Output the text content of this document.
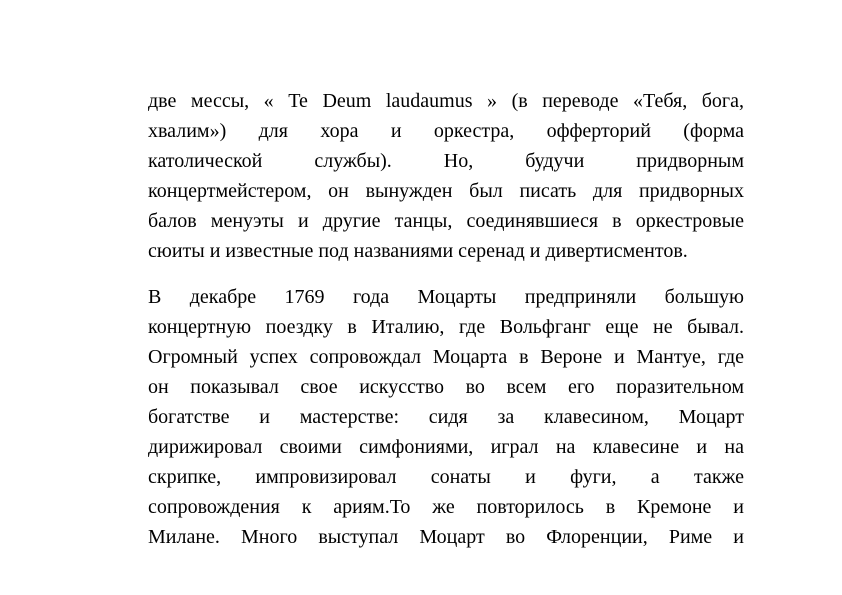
две мессы, « Te Deum laudaumus » (в переводе «Тебя, бога,
хвалим») для хора и оркестра, офферторий (форма
католической службы). Но, будучи придворным
концертмейстером, он вынужден был писать для придворных
балов менуэты и другие танцы, соединявшиеся в оркестровые
сюиты и известные под названиями серенад и дивертисментов.
В декабре 1769 года Моцарты предприняли большую
концертную поездку в Италию, где Вольфганг еще не бывал.
Огромный успех сопровождал Моцарта в Вероне и Мантуе, где
он показывал свое искусство во всем его поразительном
богатстве и мастерстве: сидя за клавесином, Моцарт
дирижировал своими симфониями, играл на клавесине и на
скрипке, импровизировал сонаты и фуги, а также
сопровождения к ариям.То же повторилось в Кремоне и
Милане. Много выступал Моцарт во Флоренции, Риме и
